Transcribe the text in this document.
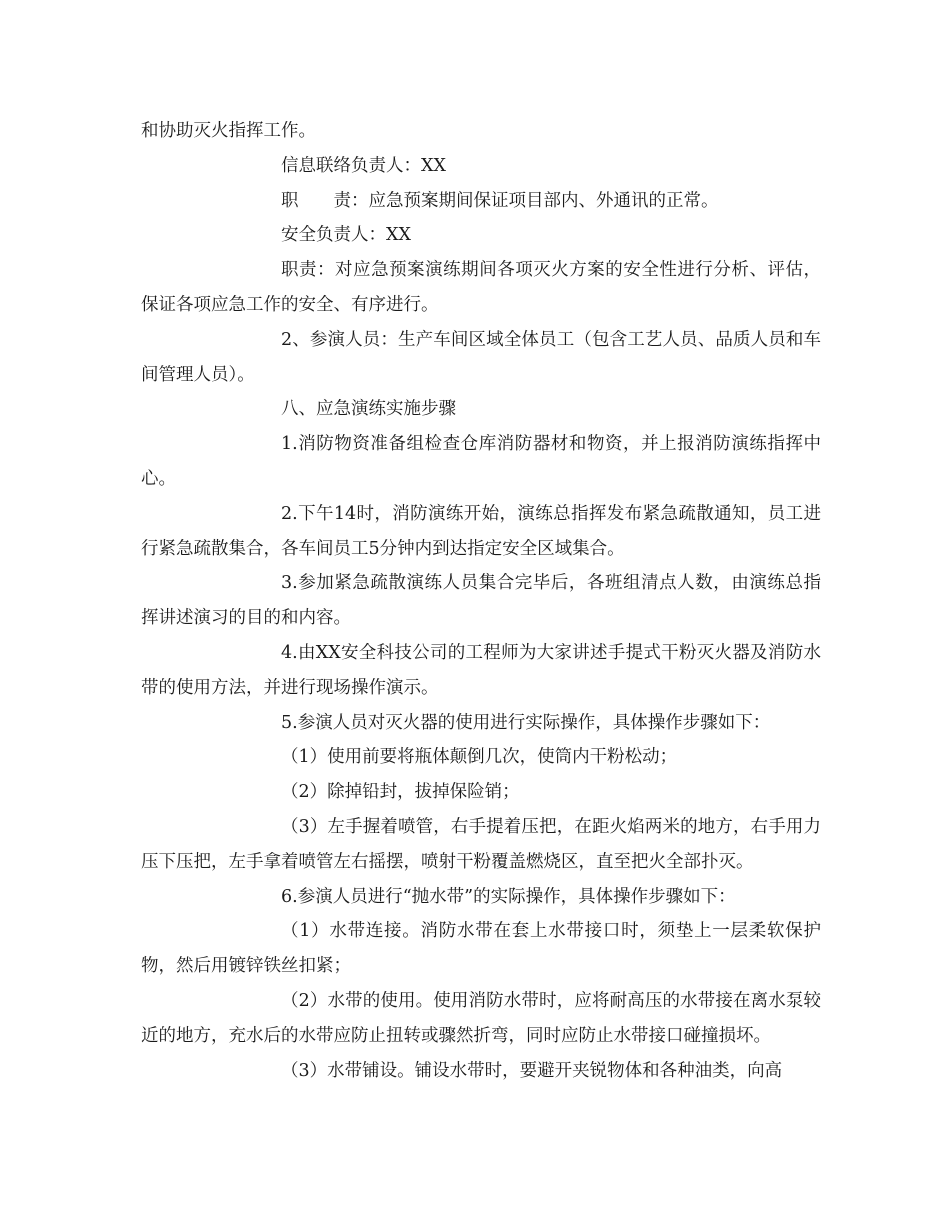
和协助灭火指挥工作。

信息联络负责人：XX

职　　责：应急预案期间保证项目部内、外通讯的正常。

安全负责人：XX

职责：对应急预案演练期间各项灭火方案的安全性进行分析、评估，保证各项应急工作的安全、有序进行。

2、参演人员：生产车间区域全体员工（包含工艺人员、品质人员和车间管理人员）。

八、应急演练实施步骤

1.消防物资准备组检查仓库消防器材和物资，并上报消防演练指挥中心。

2.下午14时，消防演练开始，演练总指挥发布紧急疏散通知，员工进行紧急疏散集合，各车间员工5分钟内到达指定安全区域集合。

3.参加紧急疏散演练人员集合完毕后，各班组清点人数，由演练总指挥讲述演习的目的和内容。

4.由XX安全科技公司的工程师为大家讲述手提式干粉灭火器及消防水带的使用方法，并进行现场操作演示。

5.参演人员对灭火器的使用进行实际操作，具体操作步骤如下：

（1）使用前要将瓶体颠倒几次，使筒内干粉松动；

（2）除掉铅封，拔掉保险销；

（3）左手握着喷管，右手提着压把，在距火焰两米的地方，右手用力压下压把，左手拿着喷管左右摇摆，喷射干粉覆盖燃烧区，直至把火全部扑灭。

6.参演人员进行“抛水带”的实际操作，具体操作步骤如下：

（1）水带连接。消防水带在套上水带接口时，须垫上一层柔软保护物，然后用镀锌铁丝扣紧；

（2）水带的使用。使用消防水带时，应将耐高压的水带接在离水泵较近的地方，充水后的水带应防止扭转或骤然折弯，同时应防止水带接口碰撞损坏。

（3）水带铺设。铺设水带时，要避开夹锐物体和各种油类，向高
